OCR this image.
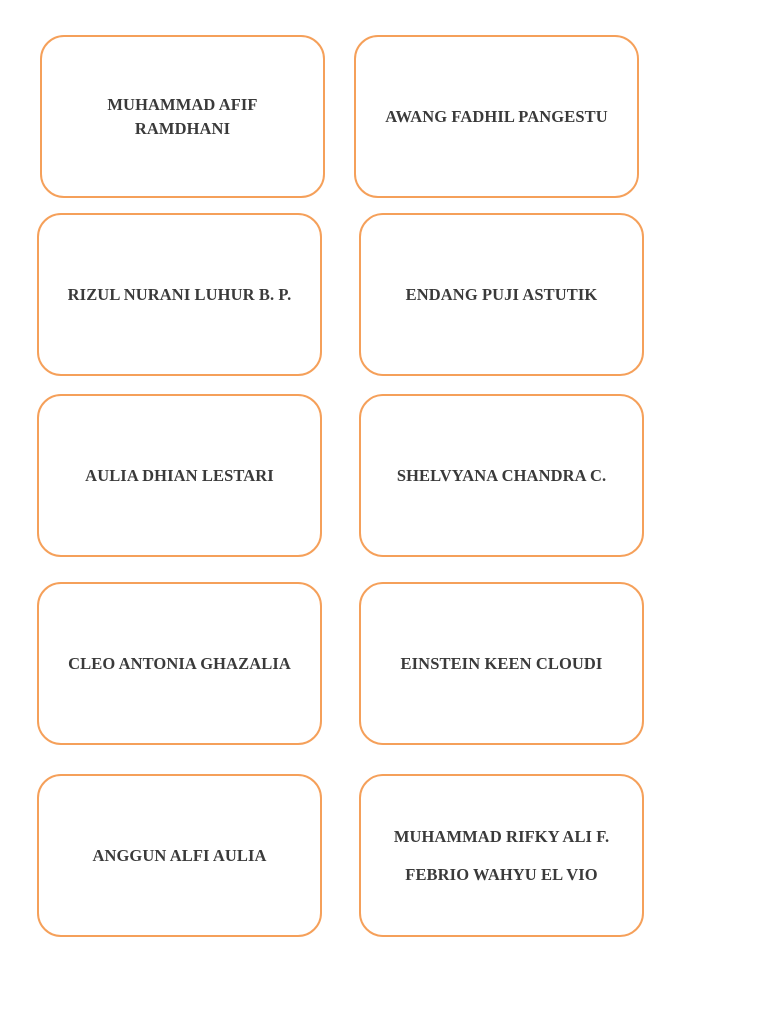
MUHAMMAD AFIF RAMDHANI
AWANG FADHIL PANGESTU
RIZUL NURANI LUHUR B. P.	ENDANG PUJI ASTUTIK
AULIA DHIAN LESTARI	SHELVYANA CHANDRA C.
CLEO ANTONIA GHAZALIA	EINSTEIN KEEN CLOUDI
ANGGUN ALFI AULIA
MUHAMMAD RIFKY ALI F.
FEBRIO WAHYU EL VIO
